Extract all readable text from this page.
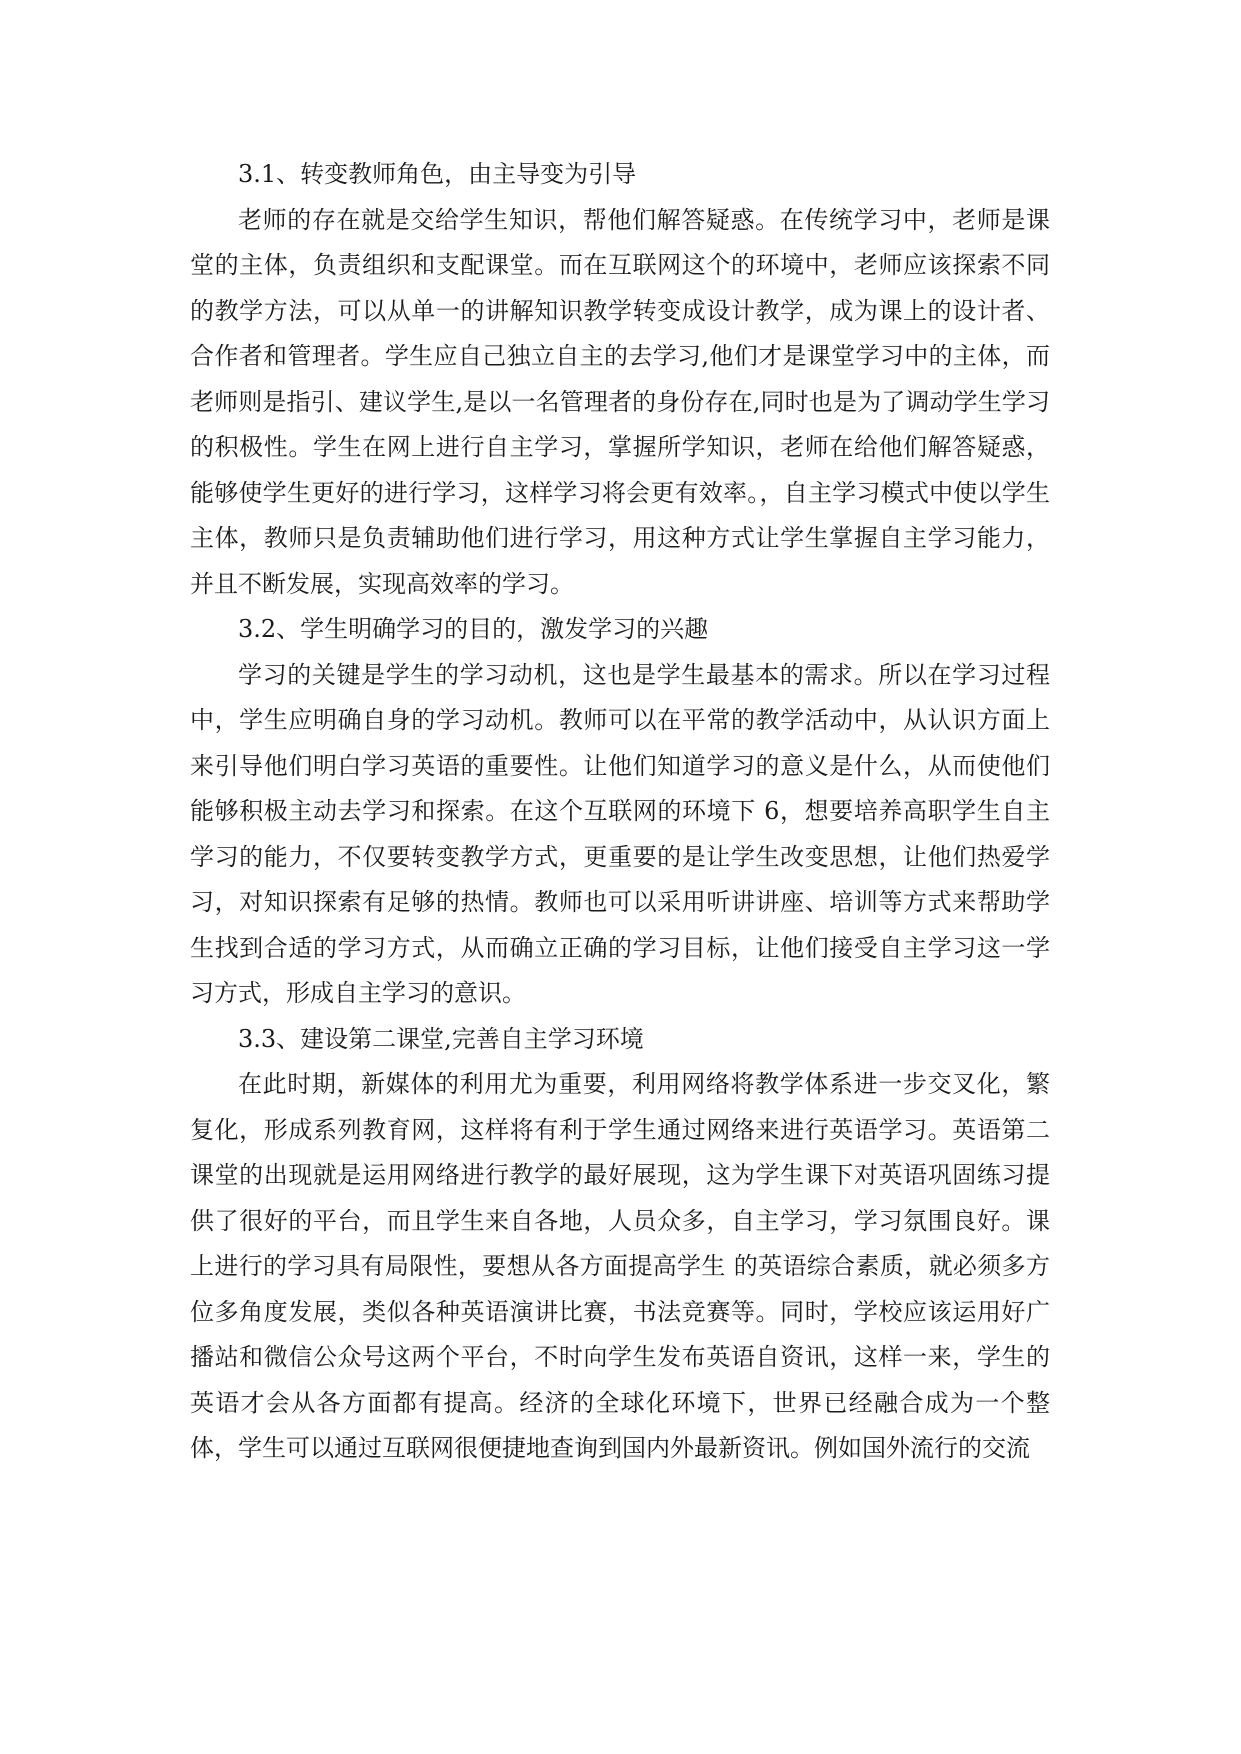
3.1、转变教师角色，由主导变为引导

老师的存在就是交给学生知识，帮他们解答疑惑。在传统学习中，老师是课堂的主体，负责组织和支配课堂。而在互联网这个的环境中，老师应该探索不同的教学方法，可以从单一的讲解知识教学转变成设计教学，成为课上的设计者、合作者和管理者。学生应自己独立自主的去学习,他们才是课堂学习中的主体，而老师则是指引、建议学生,是以一名管理者的身份存在,同时也是为了调动学生学习的积极性。学生在网上进行自主学习，掌握所学知识，老师在给他们解答疑惑，能够使学生更好的进行学习，这样学习将会更有效率。，自主学习模式中使以学生主体，教师只是负责辅助他们进行学习，用这种方式让学生掌握自主学习能力，并且不断发展，实现高效率的学习。

3.2、学生明确学习的目的，激发学习的兴趣

学习的关键是学生的学习动机，这也是学生最基本的需求。所以在学习过程中，学生应明确自身的学习动机。教师可以在平常的教学活动中，从认识方面上来引导他们明白学习英语的重要性。让他们知道学习的意义是什么，从而使他们能够积极主动去学习和探索。在这个互联网的环境下 6，想要培养高职学生自主学习的能力，不仅要转变教学方式，更重要的是让学生改变思想，让他们热爱学习，对知识探索有足够的热情。教师也可以采用听讲讲座、培训等方式来帮助学生找到合适的学习方式，从而确立正确的学习目标，让他们接受自主学习这一学习方式，形成自主学习的意识。

3.3、建设第二课堂,完善自主学习环境

在此时期，新媒体的利用尤为重要，利用网络将教学体系进一步交叉化，繁复化，形成系列教育网，这样将有利于学生通过网络来进行英语学习。英语第二课堂的出现就是运用网络进行教学的最好展现，这为学生课下对英语巩固练习提供了很好的平台，而且学生来自各地，人员众多，自主学习，学习氛围良好。课上进行的学习具有局限性，要想从各方面提高学生 的英语综合素质，就必须多方位多角度发展，类似各种英语演讲比赛，书法竞赛等。同时，学校应该运用好广播站和微信公众号这两个平台，不时向学生发布英语自资讯，这样一来，学生的英语才会从各方面都有提高。经济的全球化环境下，世界已经融合成为一个整体，学生可以通过互联网很便捷地查询到国内外最新资讯。例如国外流行的交流
